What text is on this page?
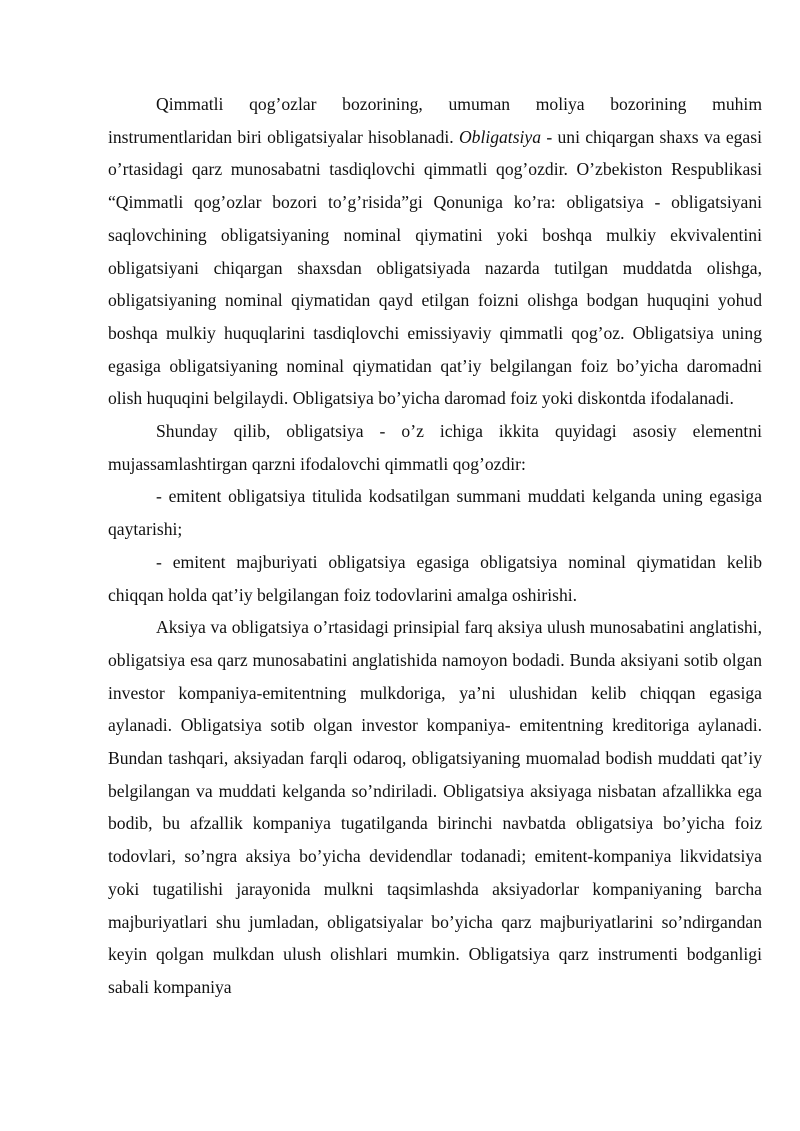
Qimmatli qog’ozlar bozorining, umuman moliya bozorining muhim instrumentlaridan biri obligatsiyalar hisoblanadi. Obligatsiya - uni chiqargan shaxs va egasi o’rtasidagi qarz munosabatni tasdiqlovchi qimmatli qog’ozdir. O’zbekiston Respublikasi “Qimmatli qog’ozlar bozori to’g’risida”gi Qonuniga ko’ra: obligatsiya - obligatsiyani saqlovchining obligatsiyaning nominal qiymatini yoki boshqa mulkiy ekvivalentini obligatsiyani chiqargan shaxsdan obligatsiyada nazarda tutilgan muddatda olishga, obligatsiyaning nominal qiymatidan qayd etilgan foizni olishga bodgan huquqini yohud boshqa mulkiy huquqlarini tasdiqlovchi emissiyaviy qimmatli qog’oz. Obligatsiya uning egasiga obligatsiyaning nominal qiymatidan qat’iy belgilangan foiz bo’yicha daromadni olish huquqini belgilaydi. Obligatsiya bo’yicha daromad foiz yoki diskontda ifodalanadi.

Shunday qilib, obligatsiya - o’z ichiga ikkita quyidagi asosiy elementni mujassamlashtirgan qarzni ifodalovchi qimmatli qog’ozdir:

- emitent obligatsiya titulida kodsatilgan summani muddati kelganda uning egasiga qaytarishi;

- emitent majburiyati obligatsiya egasiga obligatsiya nominal qiymatidan kelib chiqqan holda qat’iy belgilangan foiz todovlarini amalga oshirishi.

Aksiya va obligatsiya o’rtasidagi prinsipial farq aksiya ulush munosabatini anglatishi, obligatsiya esa qarz munosabatini anglatishida namoyon bodadi. Bunda aksiyani sotib olgan investor kompaniya-emitentning mulkdoriga, ya’ni ulushidan kelib chiqqan egasiga aylanadi. Obligatsiya sotib olgan investor kompaniya- emitentning kreditoriga aylanadi. Bundan tashqari, aksiyadan farqli odaroq, obligatsiyaning muomalad bodish muddati qat’iy belgilangan va muddati kelganda so’ndiriladi. Obligatsiya aksiyaga nisbatan afzallikka ega bodib, bu afzallik kompaniya tugatilganda birinchi navbatda obligatsiya bo’yicha foiz todovlari, so’ngra aksiya bo’yicha devidendlar todanadi; emitent-kompaniya likvidatsiya yoki tugatilishi jarayonida mulkni taqsimlashda aksiyadorlar kompaniyaning barcha majburiyatlari shu jumladan, obligatsiyalar bo’yicha qarz majburiyatlarini so’ndirgandan keyin qolgan mulkdan ulush olishlari mumkin. Obligatsiya qarz instrumenti bodganligi sabali kompaniya
